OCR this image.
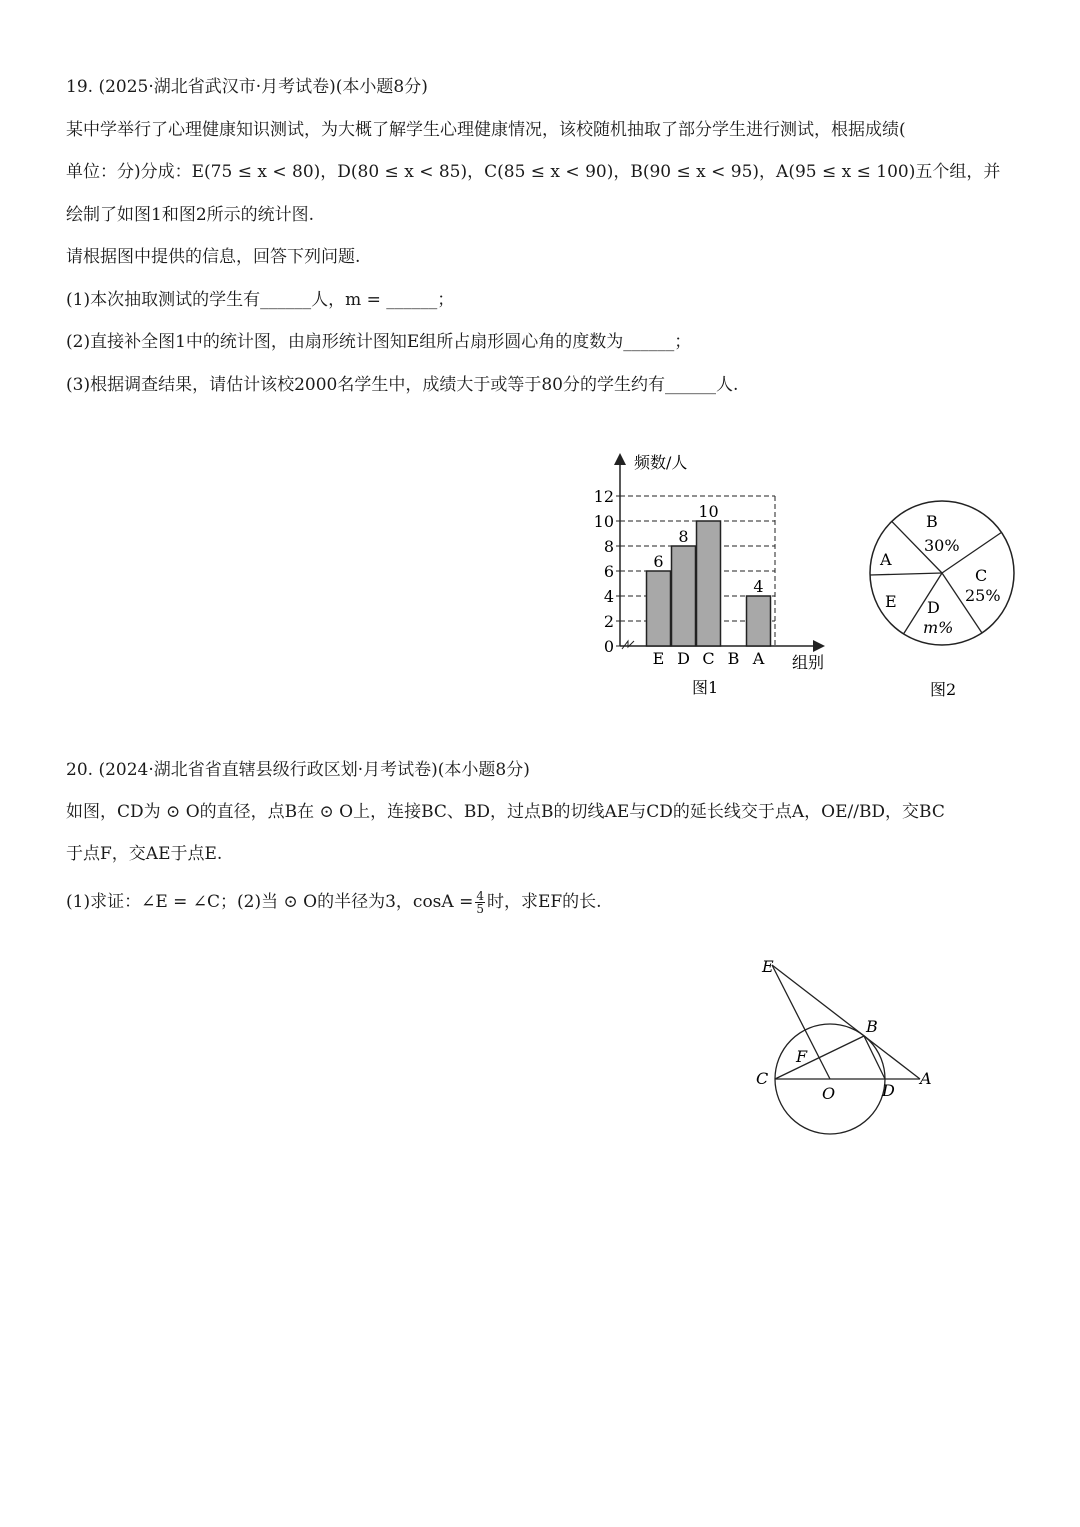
19. (2025·湖北省武汉市·月考试卷)(本小题8分)
某中学举行了心理健康知识测试，为大概了解学生心理健康情况，该校随机抽取了部分学生进行测试，根据成绩(
单位：分)分成：E(75 ≤ x < 80)，D(80 ≤ x < 85)，C(85 ≤ x < 90)，B(90 ≤ x < 95)，A(95 ≤ x ≤ 100)五个组，并
绘制了如图1和图2所示的统计图.
请根据图中提供的信息，回答下列问题.
(1)本次抽取测试的学生有______人，m = ______；
(2)直接补全图1中的统计图，由扇形统计图知E组所占扇形圆心角的度数为______；
(3)根据调查结果，请估计该校2000名学生中，成绩大于或等于80分的学生约有______人.
0
2
4
6
8
10
12
频数/人
组别
图1
6
E
8
D
10
C B
4
A
B
30%
A
C
25%
E D
m%
图2
20. (2024·湖北省省直辖县级行政区划·月考试卷)(本小题8分)
如图，CD为 ⊙ O的直径，点B在 ⊙ O上，连接BC、BD，过点B的切线AE与CD的延长线交于点A，OE//BD，交BC
于点F，交AE于点E.
(1)求证：∠E = ∠C；(2)当 ⊙ O的半径为3，$\cos A = \frac{4}{5}$ 时，求EF的长.
E
B
F
C
O	D
A
